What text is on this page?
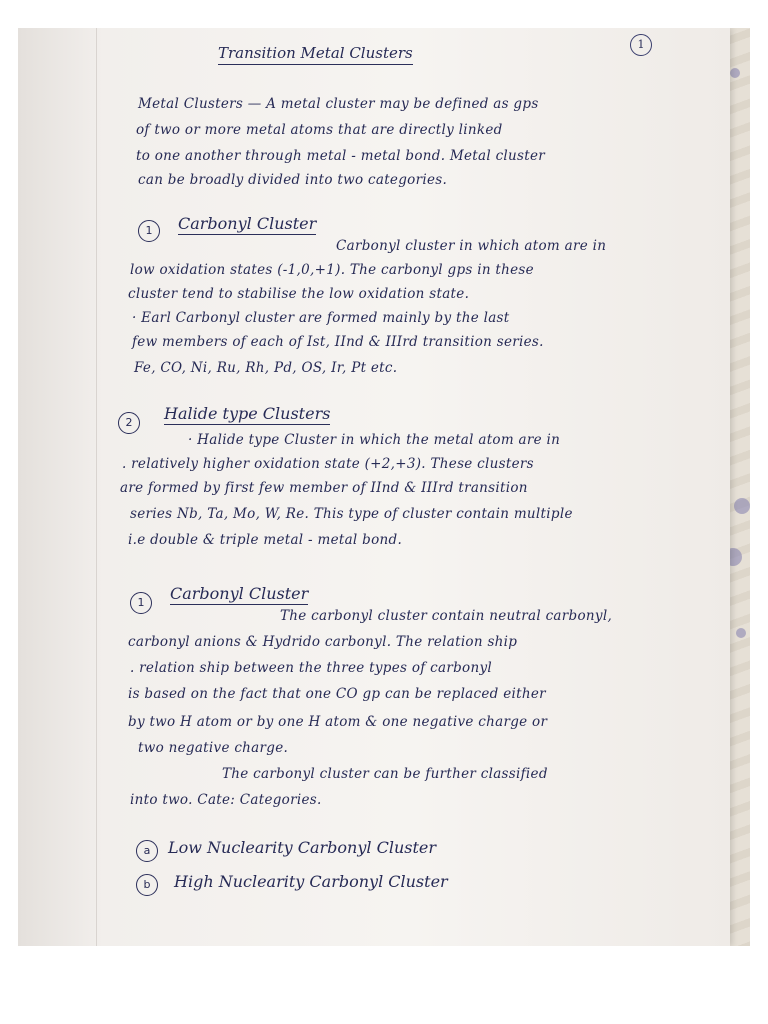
1
Transition Metal Clusters
Metal Clusters — A metal cluster may be defined as gps
of two or more metal atoms that are directly linked
to one another through metal - metal bond. Metal cluster
can be broadly divided into two categories.
1	Carbonyl Cluster
Carbonyl cluster in which atom are in
low oxidation states (-1,0,+1). The carbonyl gps in these
cluster tend to stabilise the low oxidation state.
· Earl Carbonyl cluster are formed mainly by the last
few members of each of Ist, IInd & IIIrd transition series.
Fe, CO, Ni, Ru, Rh, Pd, OS, Ir, Pt etc.
2	Halide type Clusters
· Halide type Cluster in which the metal atom are in
. relatively higher oxidation state (+2,+3). These clusters
are formed by first few member of IInd & IIIrd transition
series Nb, Ta, Mo, W, Re. This type of cluster contain multiple
i.e double & triple metal - metal bond.
1	Carbonyl Cluster
The carbonyl cluster contain neutral carbonyl,
carbonyl anions & Hydrido carbonyl. The relation ship
. relation ship between the three types of carbonyl
is based on the fact that one CO gp can be replaced either
by two H atom or by one H atom & one negative charge or
two negative charge.
The carbonyl cluster can be further classified
into two. Cate: Categories.
a	Low Nuclearity Carbonyl Cluster
b	High Nuclearity Carbonyl Cluster
